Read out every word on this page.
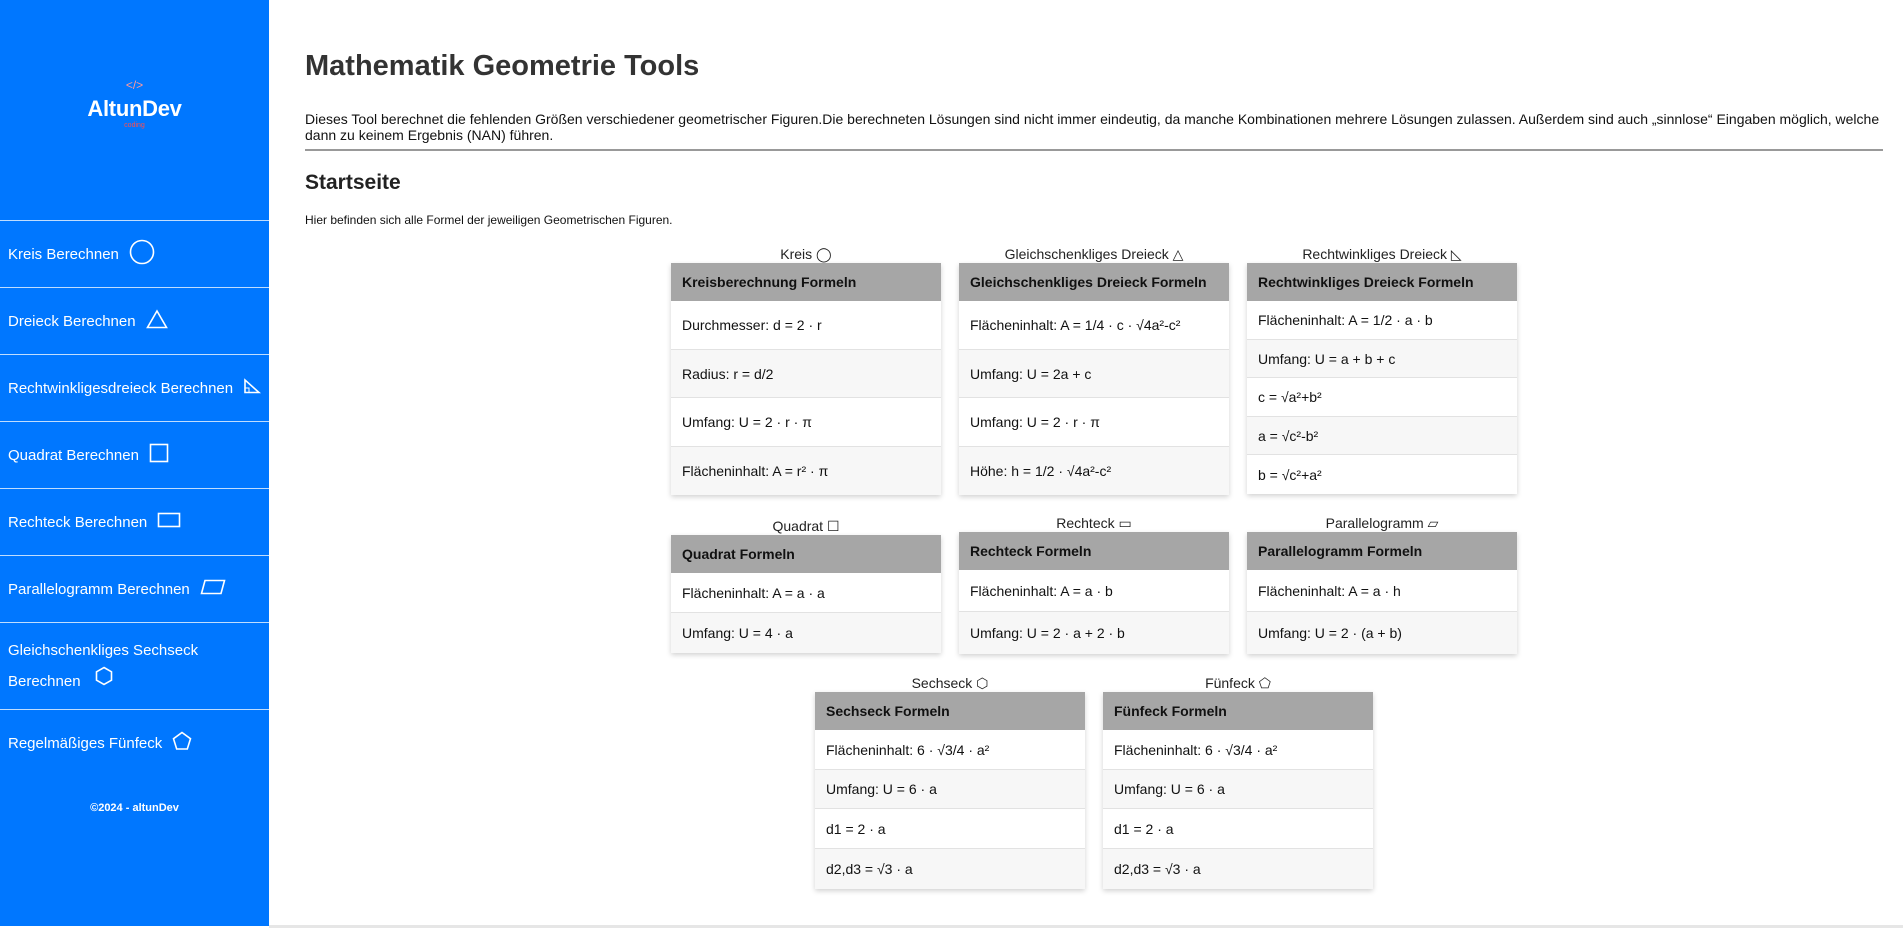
</>
AltunDev
coding
Kreis Berechnen
Dreieck Berechnen
Rechtwinkligesdreieck Berechnen
Quadrat Berechnen
Rechteck Berechnen
Parallelogramm Berechnen
Gleichschenkliges Sechseck Berechnen
Regelmäßiges Fünfeck
©2024 - altunDev
Mathematik Geometrie Tools
Dieses Tool berechnet die fehlenden Größen verschiedener geometrischer Figuren.Die berechneten Lösungen sind nicht immer eindeutig, da manche Kombinationen mehrere Lösungen zulassen. Außerdem sind auch „sinnlose“ Eingaben möglich, welche dann zu keinem Ergebnis (NAN) führen.
Startseite
Hier befinden sich alle Formel der jeweiligen Geometrischen Figuren.
Kreis ◯
Kreisberechnung Formeln
Durchmesser: d = 2 · r
Radius: r = d/2
Umfang: U = 2 · r · π
Flächeninhalt: A = r² · π
Gleichschenkliges Dreieck △
Gleichschenkliges Dreieck Formeln
Flächeninhalt: A = 1/4 · c · √4a²-c²
Umfang: U = 2a + c
Umfang: U = 2 · r · π
Höhe: h = 1/2 · √4a²-c²
Rechtwinkliges Dreieck ◺
Rechtwinkliges Dreieck Formeln
Flächeninhalt: A = 1/2 · a · b
Umfang: U = a + b + c
c = √a²+b²
a = √c²-b²
b = √c²+a²
Quadrat ☐
Quadrat Formeln
Flächeninhalt: A = a · a
Umfang: U = 4 · a
Rechteck ▭
Rechteck Formeln
Flächeninhalt: A = a · b
Umfang: U = 2 · a + 2 · b
Parallelogramm ▱
Parallelogramm Formeln
Flächeninhalt: A = a · h
Umfang: U = 2 · (a + b)
Sechseck ⬡
Sechseck Formeln
Flächeninhalt: 6 · √3/4 · a²
Umfang: U = 6 · a
d1 = 2 · a
d2,d3 = √3 · a
Fünfeck ⬠
Fünfeck Formeln
Flächeninhalt: 6 · √3/4 · a²
Umfang: U = 6 · a
d1 = 2 · a
d2,d3 = √3 · a
